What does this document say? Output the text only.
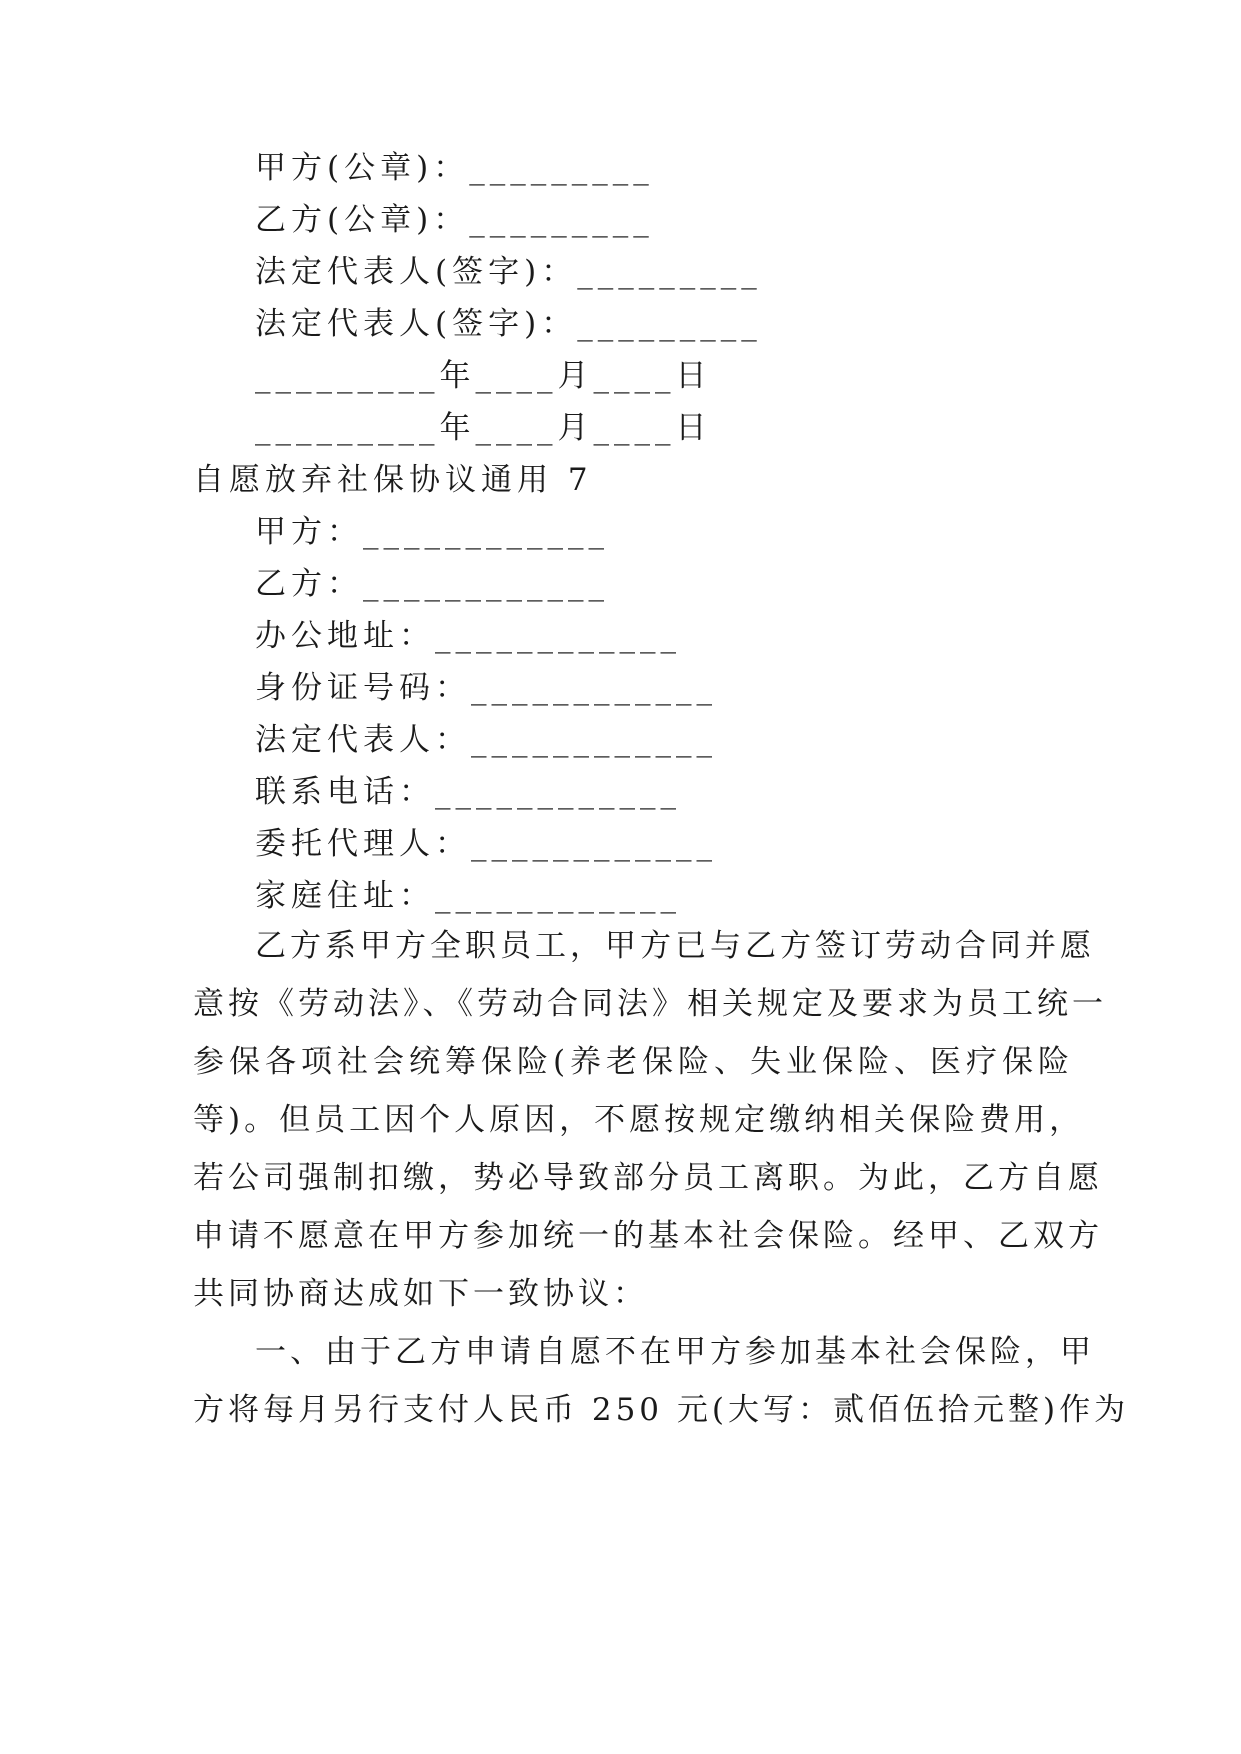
甲方(公章)：_________
乙方(公章)：_________
法定代表人(签字)：_________
法定代表人(签字)：_________
_________年____月____日
_________年____月____日
自愿放弃社保协议通用 7
甲方：____________
乙方：____________
办公地址：____________
身份证号码：____________
法定代表人：____________
联系电话：____________
委托代理人：____________
家庭住址：____________
乙方系甲方全职员工，甲方已与乙方签订劳动合同并愿
意按《劳动法》、《劳动合同法》相关规定及要求为员工统一
参保各项社会统筹保险(养老保险、失业保险、医疗保险
等)。但员工因个人原因，不愿按规定缴纳相关保险费用，
若公司强制扣缴，势必导致部分员工离职。为此，乙方自愿
申请不愿意在甲方参加统一的基本社会保险。经甲、乙双方
共同协商达成如下一致协议：
一、由于乙方申请自愿不在甲方参加基本社会保险，甲
方将每月另行支付人民币 250 元(大写：贰佰伍拾元整)作为
